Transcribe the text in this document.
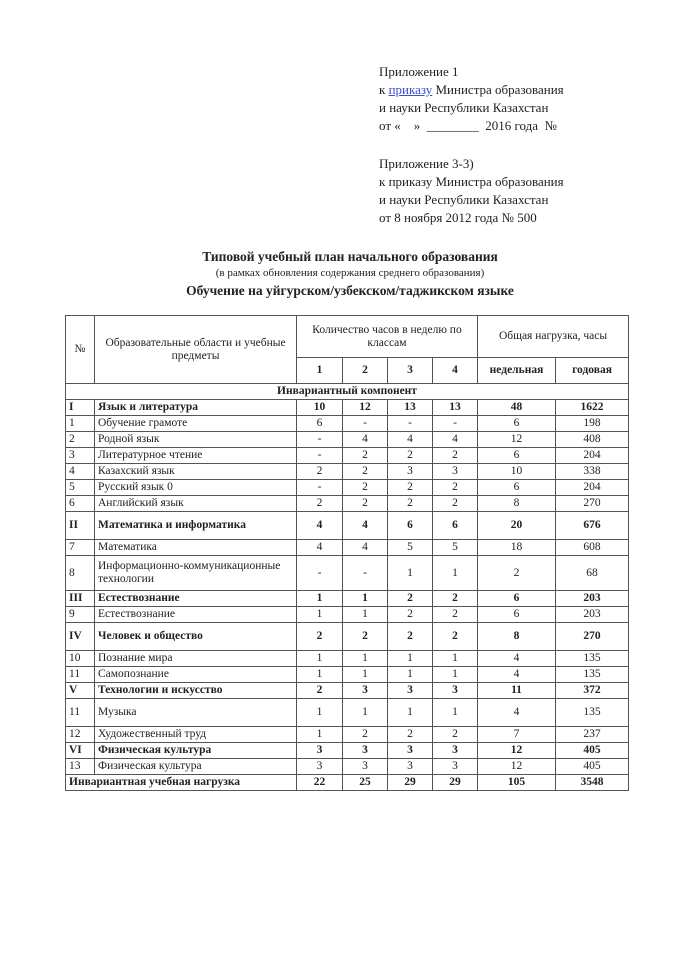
Приложение 1
к приказу Министра образования
и науки Республики Казахстан
от «    »  ________  2016 года  №
Приложение 3-3)
к приказу Министра образования
и науки Республики Казахстан
от 8 ноября 2012 года № 500
Типовой учебный план начального образования
(в рамках обновления содержания среднего образования)
Обучение на уйгурском/узбекском/таджикском языке
№	Образовательные области и учебные предметы	Количество часов в неделю по классам				Общая нагрузка, часы	
		1	2	3	4	недельная	годовая
Инвариантный компонент							
I	Язык и литература	10	12	13	13	48	1622
1	Обучение грамоте	6	-	-	-	6	198
2	Родной язык	-	4	4	4	12	408
3	Литературное чтение	-	2	2	2	6	204
4	Казахский язык	2	2	3	3	10	338
5	Русский язык 0	-	2	2	2	6	204
6	Английский язык	2	2	2	2	8	270
II	Математика и информатика	4	4	6	6	20	676
7	Математика	4	4	5	5	18	608
8	Информационно-коммуникационные технологии	-	-	1	1	2	68
III	Естествознание	1	1	2	2	6	203
9	Естествознание	1	1	2	2	6	203
IV	Человек и общество	2	2	2	2	8	270
10	Познание мира	1	1	1	1	4	135
11	Самопознание	1	1	1	1	4	135
V	Технологии и искусство	2	3	3	3	11	372
11	Музыка	1	1	1	1	4	135
12	Художественный труд	1	2	2	2	7	237
VI	Физическая культура	3	3	3	3	12	405
13	Физическая культура	3	3	3	3	12	405
Инвариантная учебная нагрузка		22	25	29	29	105	3548
